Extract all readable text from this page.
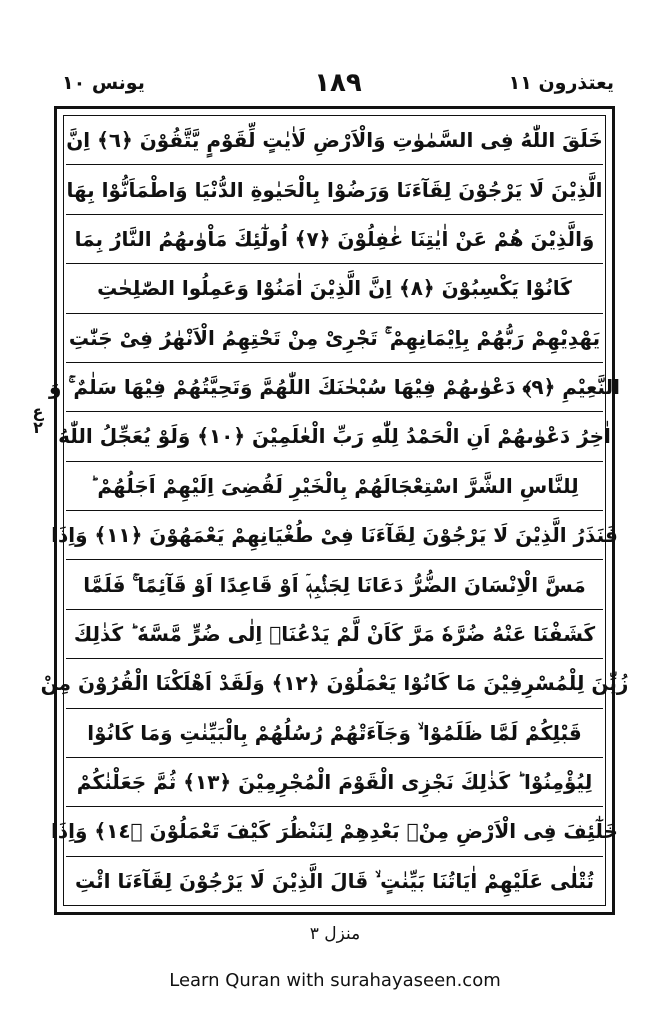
يعتذرون ١١
١٨٩
يونس ١٠
خَلَقَ اللّٰهُ فِى السَّمٰوٰتِ وَالْاَرْضِ لَاٰيٰتٍ لِّقَوْمٍ يَّتَّقُوْنَ ﴿٦﴾ اِنَّ
الَّذِيْنَ لَا يَرْجُوْنَ لِقَآءَنَا وَرَضُوْا بِالْحَيٰوةِ الدُّنْيَا وَاطْمَاَنُّوْا بِهَا
وَالَّذِيْنَ هُمْ عَنْ اٰيٰتِنَا غٰفِلُوْنَ ﴿٧﴾ اُولٰٓئِكَ مَاْوٰىهُمُ النَّارُ بِمَا
كَانُوْا يَكْسِبُوْنَ ﴿٨﴾ اِنَّ الَّذِيْنَ اٰمَنُوْا وَعَمِلُوا الصّٰلِحٰتِ
يَهْدِيْهِمْ رَبُّهُمْ بِاِيْمَانِهِمْ ۚ تَجْرِىْ مِنْ تَحْتِهِمُ الْاَنْهٰرُ فِىْ جَنّٰتِ
النَّعِيْمِ ﴿٩﴾ دَعْوٰىهُمْ فِيْهَا سُبْحٰنَكَ اللّٰهُمَّ وَتَحِيَّتُهُمْ فِيْهَا سَلٰمٌ ۚ وَ
اٰخِرُ دَعْوٰىهُمْ اَنِ الْحَمْدُ لِلّٰهِ رَبِّ الْعٰلَمِيْنَ ﴿١٠﴾ وَلَوْ يُعَجِّلُ اللّٰهُ
لِلنَّاسِ الشَّرَّ اسْتِعْجَالَهُمْ بِالْخَيْرِ لَقُضِىَ اِلَيْهِمْ اَجَلُهُمْ ؕ
فَنَذَرُ الَّذِيْنَ لَا يَرْجُوْنَ لِقَآءَنَا فِىْ طُغْيَانِهِمْ يَعْمَهُوْنَ ﴿١١﴾ وَاِذَا
مَسَّ الْاِنْسَانَ الضُّرُّ دَعَانَا لِجَنْۢبِهٖۤ اَوْ قَاعِدًا اَوْ قَآئِمًا ۚ فَلَمَّا
كَشَفْنَا عَنْهُ ضُرَّهٗ مَرَّ كَاَنْ لَّمْ يَدْعُنَاۤ اِلٰى ضُرٍّ مَّسَّهٗ ؕ كَذٰلِكَ
زُيِّنَ لِلْمُسْرِفِيْنَ مَا كَانُوْا يَعْمَلُوْنَ ﴿١٢﴾ وَلَقَدْ اَهْلَكْنَا الْقُرُوْنَ مِنْ
قَبْلِكُمْ لَمَّا ظَلَمُوْا ۙ وَجَآءَتْهُمْ رُسُلُهُمْ بِالْبَيِّنٰتِ وَمَا كَانُوْا
لِيُؤْمِنُوْا ؕ كَذٰلِكَ نَجْزِى الْقَوْمَ الْمُجْرِمِيْنَ ﴿١٣﴾ ثُمَّ جَعَلْنٰكُمْ
خَلٰٓئِفَ فِى الْاَرْضِ مِنْۢ بَعْدِهِمْ لِنَنْظُرَ كَيْفَ تَعْمَلُوْنَ ﴿١٤﴾ وَاِذَا
تُتْلٰى عَلَيْهِمْ اٰيَاتُنَا بَيِّنٰتٍ ۙ قَالَ الَّذِيْنَ لَا يَرْجُوْنَ لِقَآءَنَا ائْتِ
ع ٢
منزل ٣
Learn Quran with surahayaseen.com
